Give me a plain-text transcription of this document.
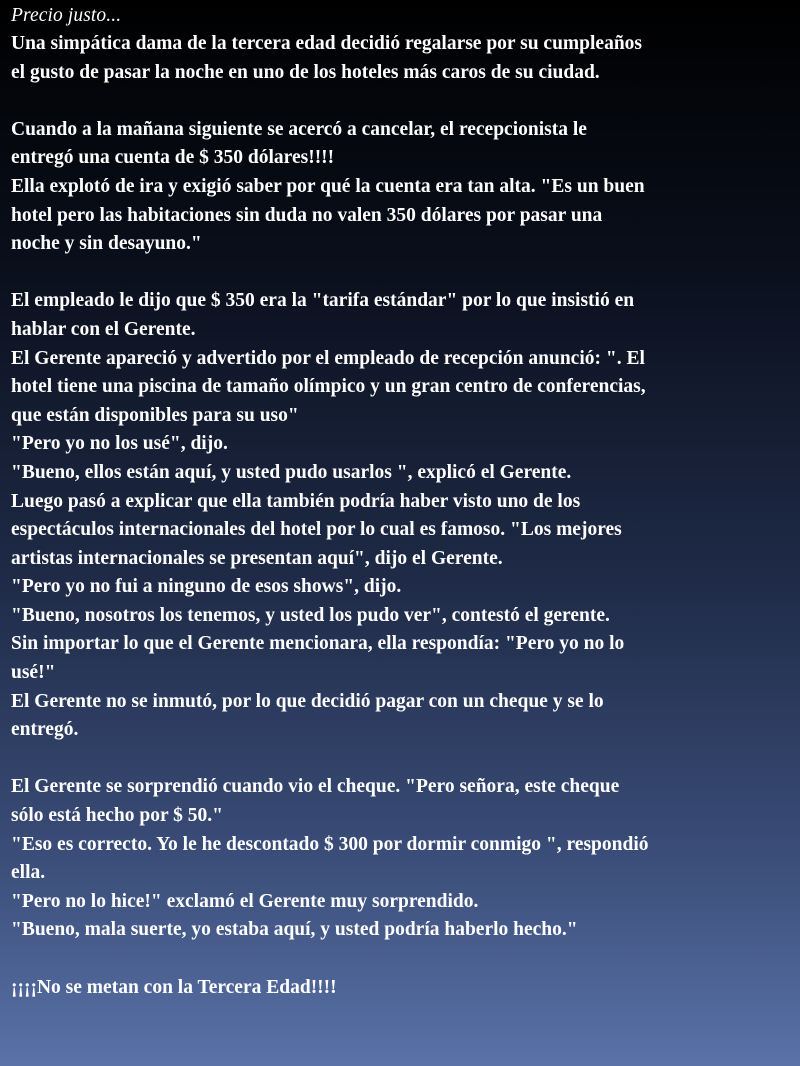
Precio justo...
Una simpática dama de la tercera edad decidió regalarse por su cumpleaños
el gusto de pasar la noche en uno de los hoteles más caros de su ciudad.
Cuando a la mañana siguiente se acercó a cancelar, el recepcionista le
entregó una cuenta de $ 350 dólares!!!!
Ella explotó de ira y exigió saber por qué la cuenta era tan alta. "Es un buen
hotel pero las habitaciones sin duda no valen 350 dólares por pasar una
noche y sin desayuno."
El empleado le dijo que $ 350 era la "tarifa estándar" por lo que insistió en
hablar con el Gerente.
El Gerente apareció y advertido por el empleado de recepción anunció: ". El
hotel tiene una piscina de tamaño olímpico y un gran centro de conferencias,
que están disponibles para su uso"
"Pero yo no los usé", dijo.
"Bueno, ellos están aquí, y usted pudo usarlos ", explicó el Gerente.
Luego pasó a explicar que ella también podría haber visto uno de los
espectáculos internacionales del hotel por lo cual es famoso. "Los mejores
artistas internacionales se presentan aquí", dijo el Gerente.
"Pero yo no fui a ninguno de esos shows", dijo.
"Bueno, nosotros los tenemos, y usted los pudo ver", contestó el gerente.
Sin importar lo que el Gerente mencionara, ella respondía: "Pero yo no lo
usé!"
El Gerente no se inmutó, por lo que decidió pagar con un cheque y se lo
entregó.
El Gerente se sorprendió cuando vio el cheque. "Pero señora, este cheque
sólo está hecho por $ 50."
"Eso es correcto. Yo le he descontado $ 300 por dormir conmigo ", respondió
ella.
"Pero no lo hice!" exclamó el Gerente muy sorprendido.
"Bueno, mala suerte, yo estaba aquí, y usted podría haberlo hecho."
¡¡¡¡No se metan con la Tercera Edad!!!!
